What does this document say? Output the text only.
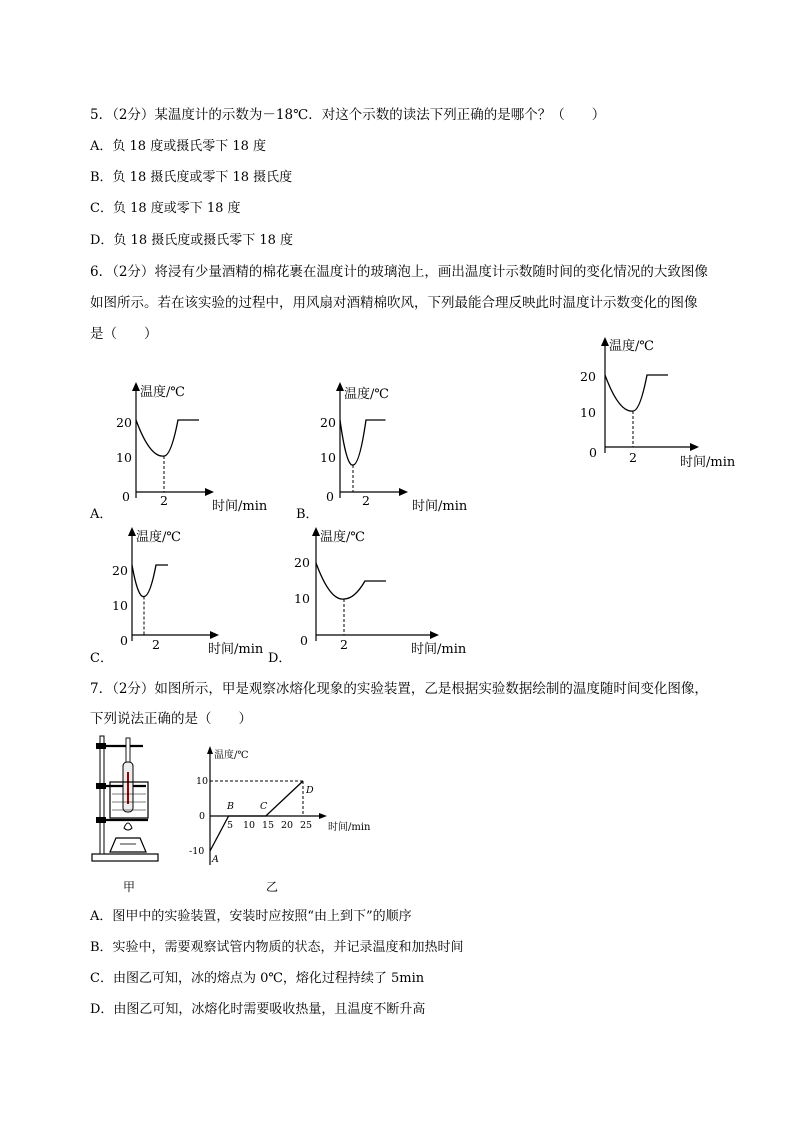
5．（2分）某温度计的示数为－18℃．对这个示数的读法下列正确的是哪个？（　　）
A．负 18 度或摄氏零下 18 度
B．负 18 摄氏度或零下 18 摄氏度
C．负 18 度或零下 18 度
D．负 18 摄氏度或摄氏零下 18 度
6．（2分）将浸有少量酒精的棉花裹在温度计的玻璃泡上，画出温度计示数随时间的变化情况的大致图像
如图所示。若在该实验的过程中，用风扇对酒精棉吹风，下列最能合理反映此时温度计示数变化的图像
是（　　）
温度/℃
20
10
0	2	时间/min
A．
温度/℃
20
10
0 2	时间/min
B．
温度/℃
20
10
0 2	时间/min
C．
温度/℃
20
10
0 2	时间/min
D．
温度/℃
20
10
0	2	时间/min
7．（2分）如图所示，甲是观察冰熔化现象的实验装置，乙是根据实验数据绘制的温度随时间变化图像，
下列说法正确的是（　　）
温度/℃
10
0
-10
5 10 15 20 25 时间/min
A
B	C
D
甲	乙
A．图甲中的实验装置，安装时应按照“由上到下”的顺序
B．实验中，需要观察试管内物质的状态，并记录温度和加热时间
C．由图乙可知，冰的熔点为 0℃，熔化过程持续了 5min
D．由图乙可知，冰熔化时需要吸收热量，且温度不断升高
